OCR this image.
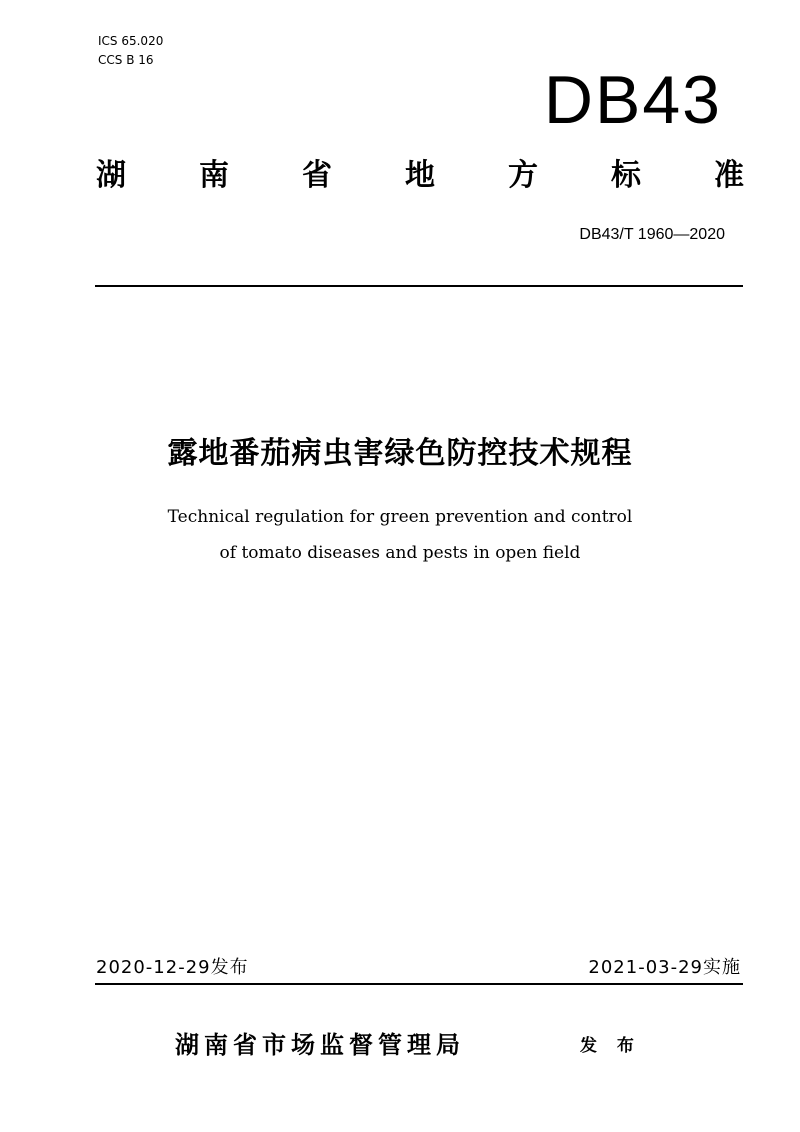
ICS 65.020
CCS B 16
DB43
湖 南 省 地 方 标 准
DB43/T 1960—2020
露地番茄病虫害绿色防控技术规程
Technical regulation for green prevention and control
of tomato diseases and pests in open field
2020-12-29发布	2021-03-29实施
湖南省市场监督管理局	发 布
